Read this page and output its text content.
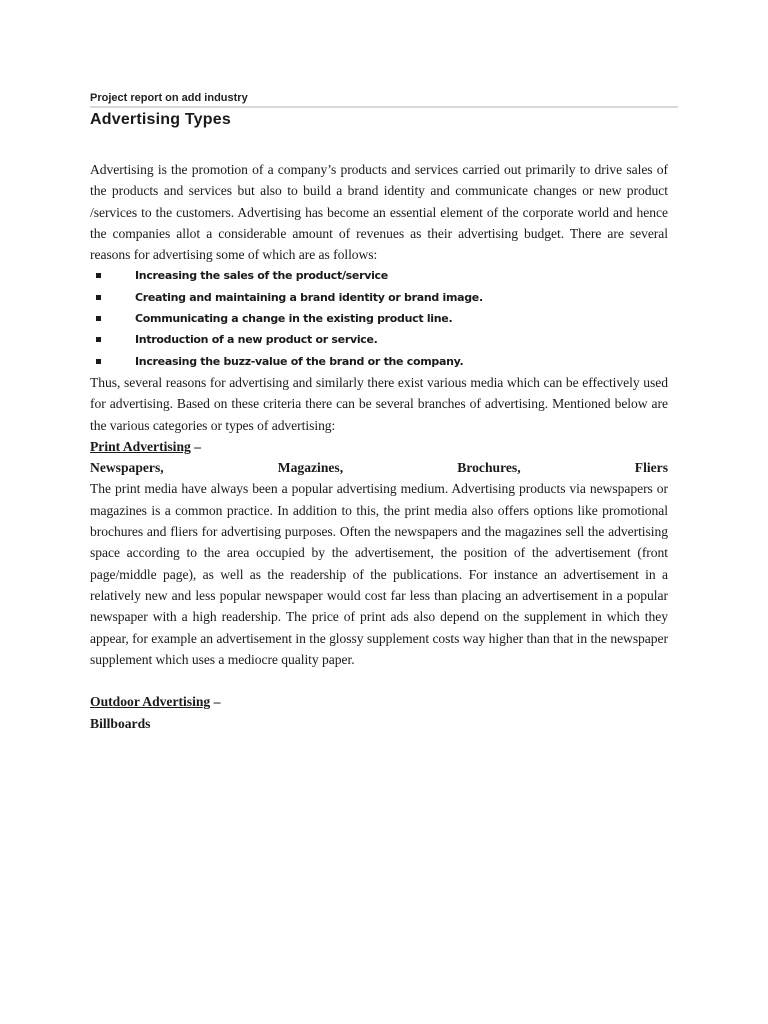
Project report on add industry
Advertising Types

Advertising is the promotion of a company’s products and services carried out primarily to drive sales of the products and services but also to build a brand identity and communicate changes or new product /services to the customers. Advertising has become an essential element of the corporate world and hence the companies allot a considerable amount of revenues as their advertising budget. There are several reasons for advertising some of which are as follows:

Increasing the sales of the product/service
Creating and maintaining a brand identity or brand image.
Communicating a change in the existing product line.
Introduction of a new product or service.
Increasing the buzz-value of the brand or the company.

Thus, several reasons for advertising and similarly there exist various media which can be effectively used for advertising. Based on these criteria there can be several branches of advertising. Mentioned below are the various categories or types of advertising:

Print Advertising –
Newspapers,	Magazines,	Brochures,	Fliers

The print media have always been a popular advertising medium. Advertising products via newspapers or magazines is a common practice. In addition to this, the print media also offers options like promotional brochures and fliers for advertising purposes. Often the newspapers and the magazines sell the advertising space according to the area occupied by the advertisement, the position of the advertisement (front page/middle page), as well as the readership of the publications. For instance an advertisement in a relatively new and less popular newspaper would cost far less than placing an advertisement in a popular newspaper with a high readership. The price of print ads also depend on the supplement in which they appear, for example an advertisement in the glossy supplement costs way higher than that in the newspaper supplement which uses a mediocre quality paper.

Outdoor Advertising –
Billboards
